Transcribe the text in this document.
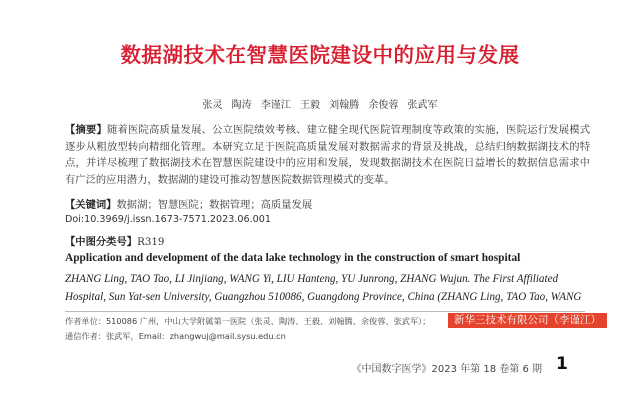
数据湖技术在智慧医院建设中的应用与发展
张灵 陶涛 李谨江 王毅 刘翰腾 余俊蓉 张武军
【摘要】随着医院高质量发展、公立医院绩效考核、建立健全现代医院管理制度等政策的实施，医院运行发展模式逐步从粗放型转向精细化管理。本研究立足于医院高质量发展对数据需求的背景及挑战，总结归纳数据湖技术的特点，并详尽梳理了数据湖技术在智慧医院建设中的应用和发展，发现数据湖技术在医院日益增长的数据信息需求中有广泛的应用潜力，数据湖的建设可推动智慧医院数据管理模式的变革。
【关键词】数据湖；智慧医院；数据管理；高质量发展
Doi:10.3969/j.issn.1673-7571.2023.06.001
【中图分类号】R319
Application and development of the data lake technology in the construction of smart hospital
ZHANG Ling, TAO Tao, LI Jinjiang, WANG Yi, LIU Hanteng, YU Junrong, ZHANG Wujun. The First Affiliated Hospital, Sun Yat-sen University, Guangzhou 510086, Guangdong Province, China (ZHANG Ling, TAO Tao, WANG
作者单位：510086 广州，中山大学附属第一医院（张灵、陶涛、王毅、刘翰腾、余俊蓉、张武军）；
通信作者：张武军，Email：zhangwuj@mail.sysu.edu.cn
新华三技术有限公司（李谨江）
《中国数字医学》2023 年第 18 卷第 6 期 1
